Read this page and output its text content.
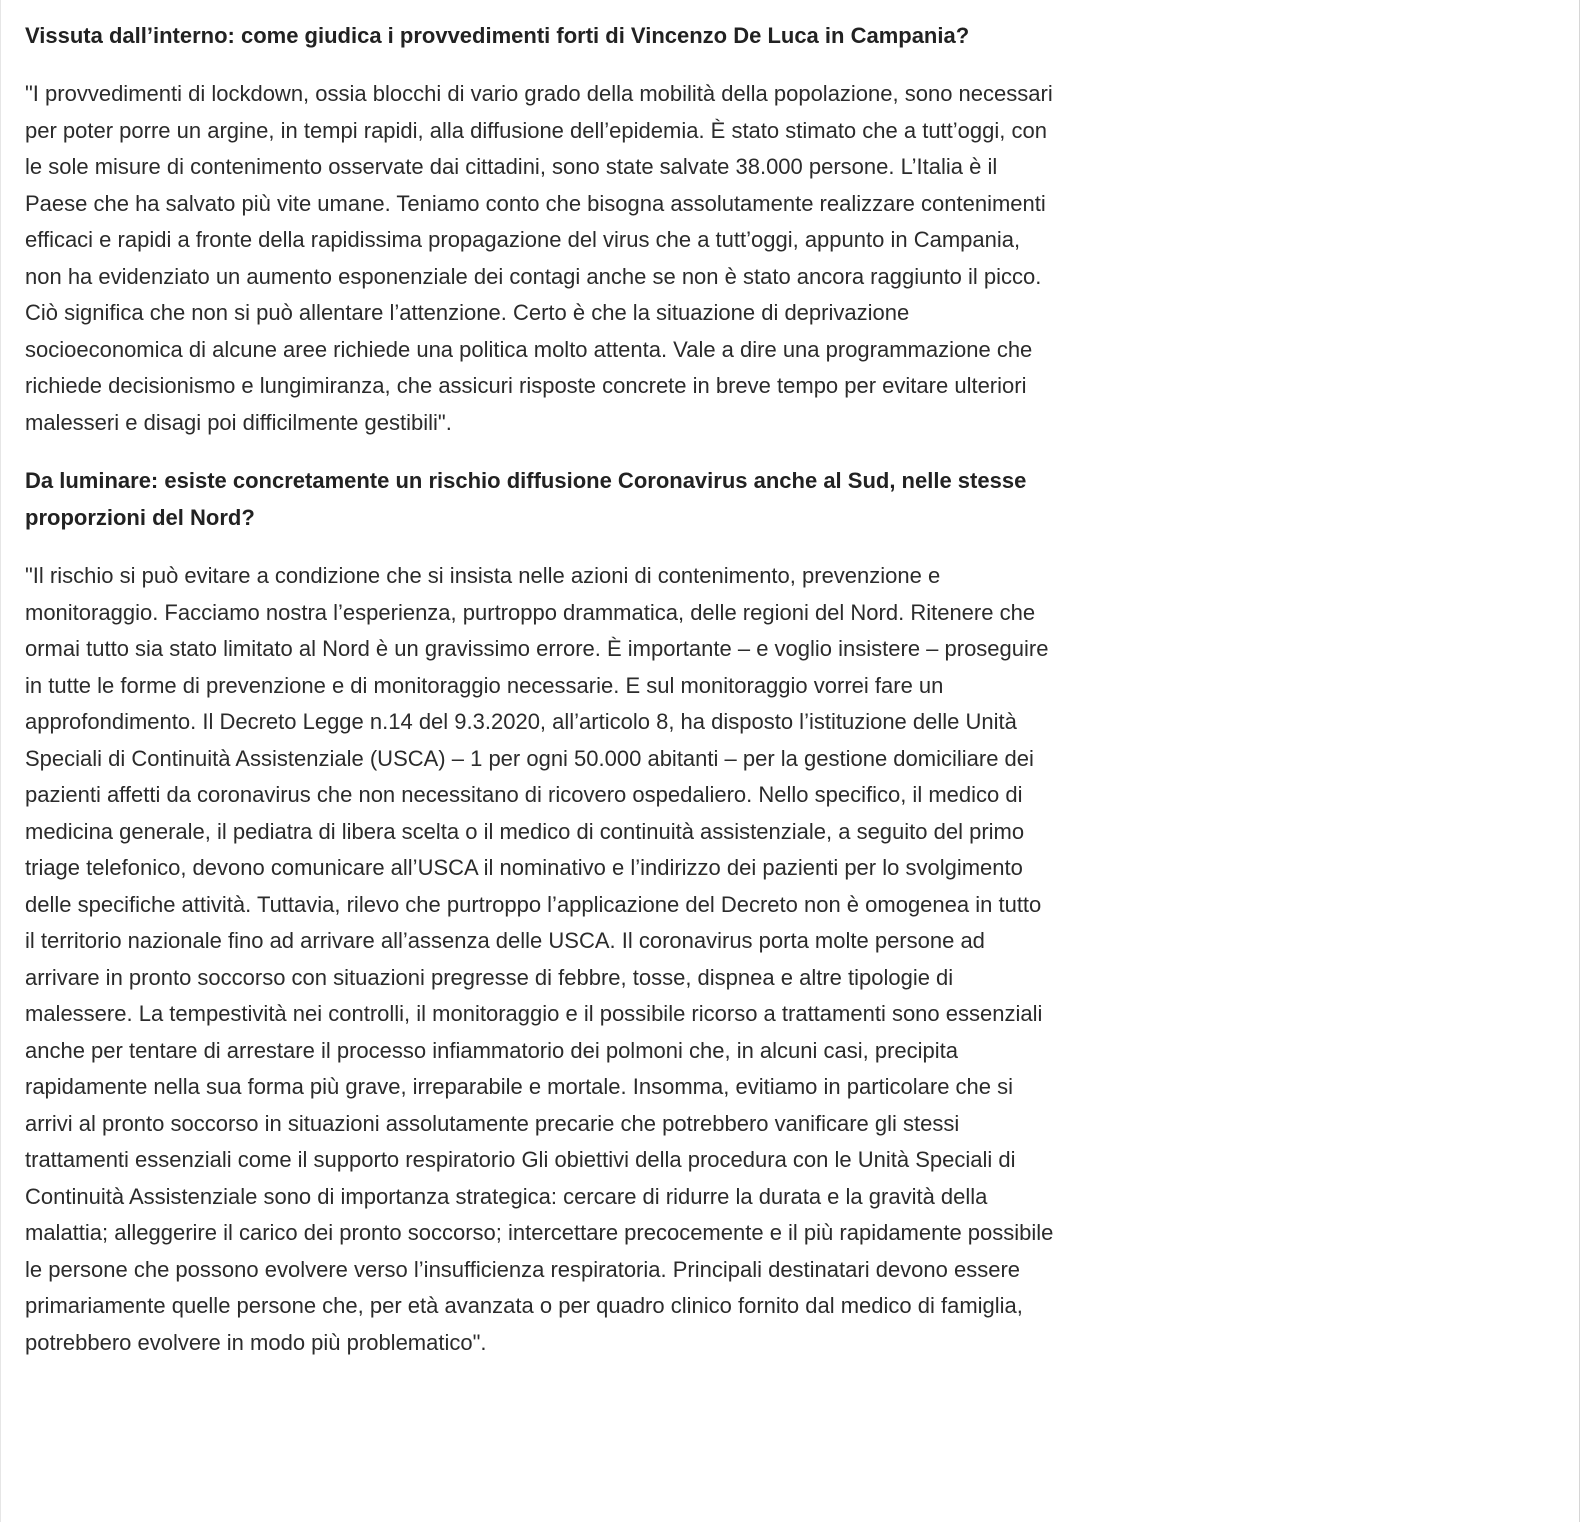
Vissuta dall’interno: come giudica i provvedimenti forti di Vincenzo De Luca in Campania?

"I provvedimenti di lockdown, ossia blocchi di vario grado della mobilità della popolazione, sono necessari per poter porre un argine, in tempi rapidi, alla diffusione dell’epidemia. È stato stimato che a tutt’oggi, con le sole misure di contenimento osservate dai cittadini, sono state salvate 38.000 persone. L’Italia è il Paese che ha salvato più vite umane. Teniamo conto che bisogna assolutamente realizzare contenimenti efficaci e rapidi a fronte della rapidissima propagazione del virus che a tutt’oggi, appunto in Campania, non ha evidenziato un aumento esponenziale dei contagi anche se non è stato ancora raggiunto il picco. Ciò significa che non si può allentare l’attenzione. Certo è che la situazione di deprivazione socioeconomica di alcune aree richiede una politica molto attenta. Vale a dire una programmazione che richiede decisionismo e lungimiranza, che assicuri risposte concrete in breve tempo per evitare ulteriori malesseri e disagi poi difficilmente gestibili".

Da luminare: esiste concretamente un rischio diffusione Coronavirus anche al Sud, nelle stesse proporzioni del Nord?

"Il rischio si può evitare a condizione che si insista nelle azioni di contenimento, prevenzione e monitoraggio. Facciamo nostra l’esperienza, purtroppo drammatica, delle regioni del Nord. Ritenere che ormai tutto sia stato limitato al Nord è un gravissimo errore. È importante – e voglio insistere – proseguire in tutte le forme di prevenzione e di monitoraggio necessarie. E sul monitoraggio vorrei fare un approfondimento. Il Decreto Legge n.14 del 9.3.2020, all’articolo 8, ha disposto l’istituzione delle Unità Speciali di Continuità Assistenziale (USCA) – 1 per ogni 50.000 abitanti – per la gestione domiciliare dei pazienti affetti da coronavirus che non necessitano di ricovero ospedaliero. Nello specifico, il medico di medicina generale, il pediatra di libera scelta o il medico di continuità assistenziale, a seguito del primo triage telefonico, devono comunicare all’USCA il nominativo e l’indirizzo dei pazienti per lo svolgimento delle specifiche attività. Tuttavia, rilevo che purtroppo l’applicazione del Decreto non è omogenea in tutto il territorio nazionale fino ad arrivare all’assenza delle USCA. Il coronavirus porta molte persone ad arrivare in pronto soccorso con situazioni pregresse di febbre, tosse, dispnea e altre tipologie di malessere. La tempestività nei controlli, il monitoraggio e il possibile ricorso a trattamenti sono essenziali anche per tentare di arrestare il processo infiammatorio dei polmoni che, in alcuni casi, precipita rapidamente nella sua forma più grave, irreparabile e mortale. Insomma, evitiamo in particolare che si arrivi al pronto soccorso in situazioni assolutamente precarie che potrebbero vanificare gli stessi trattamenti essenziali come il supporto respiratorio Gli obiettivi della procedura con le Unità Speciali di Continuità Assistenziale sono di importanza strategica: cercare di ridurre la durata e la gravità della malattia; alleggerire il carico dei pronto soccorso; intercettare precocemente e il più rapidamente possibile le persone che possono evolvere verso l’insufficienza respiratoria. Principali destinatari devono essere primariamente quelle persone che, per età avanzata o per quadro clinico fornito dal medico di famiglia, potrebbero evolvere in modo più problematico".
